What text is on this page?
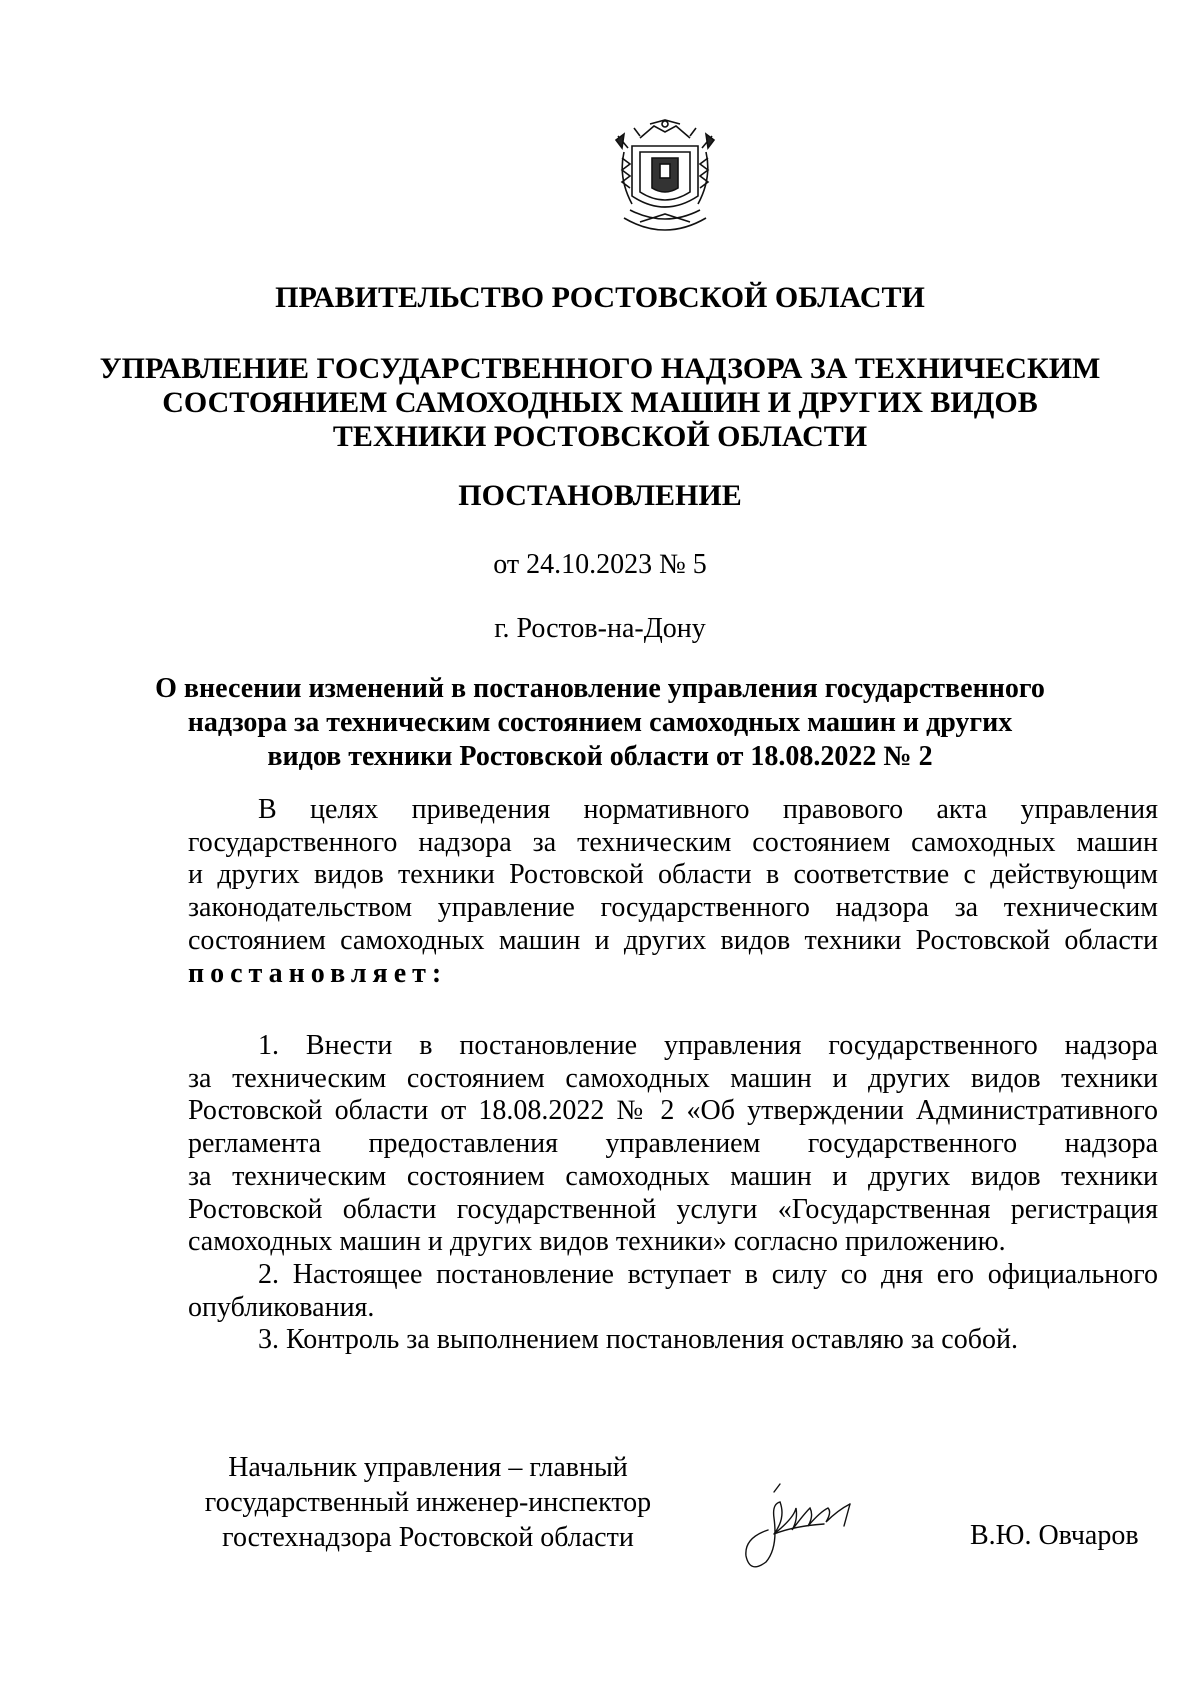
ПРАВИТЕЛЬСТВО РОСТОВСКОЙ ОБЛАСТИ
УПРАВЛЕНИЕ ГОСУДАРСТВЕННОГО НАДЗОРА ЗА ТЕХНИЧЕСКИМ
СОСТОЯНИЕМ САМОХОДНЫХ МАШИН И ДРУГИХ ВИДОВ
ТЕХНИКИ РОСТОВСКОЙ ОБЛАСТИ
ПОСТАНОВЛЕНИЕ
от 24.10.2023 № 5
г. Ростов-на-Дону
О внесении изменений в постановление управления государственного
надзора за техническим состоянием самоходных машин и других
видов техники Ростовской области от 18.08.2022 № 2
В целях приведения нормативного правового акта управления
государственного надзора за техническим состоянием самоходных машин
и других видов техники Ростовской области в соответствие с действующим
законодательством управление государственного надзора за техническим
состоянием самоходных машин и других видов техники Ростовской области
постановляет:
1. Внести в постановление управления государственного надзора
за техническим состоянием самоходных машин и других видов техники
Ростовской области от 18.08.2022 № 2 «Об утверждении Административного
регламента предоставления управлением государственного надзора
за техническим состоянием самоходных машин и других видов техники
Ростовской области государственной услуги «Государственная регистрация
самоходных машин и других видов техники» согласно приложению.
2. Настоящее постановление вступает в силу со дня его официального
опубликования.
3. Контроль за выполнением постановления оставляю за собой.
Начальник управления – главный
государственный инженер-инспектор
гостехнадзора Ростовской области	В.Ю. Овчаров
